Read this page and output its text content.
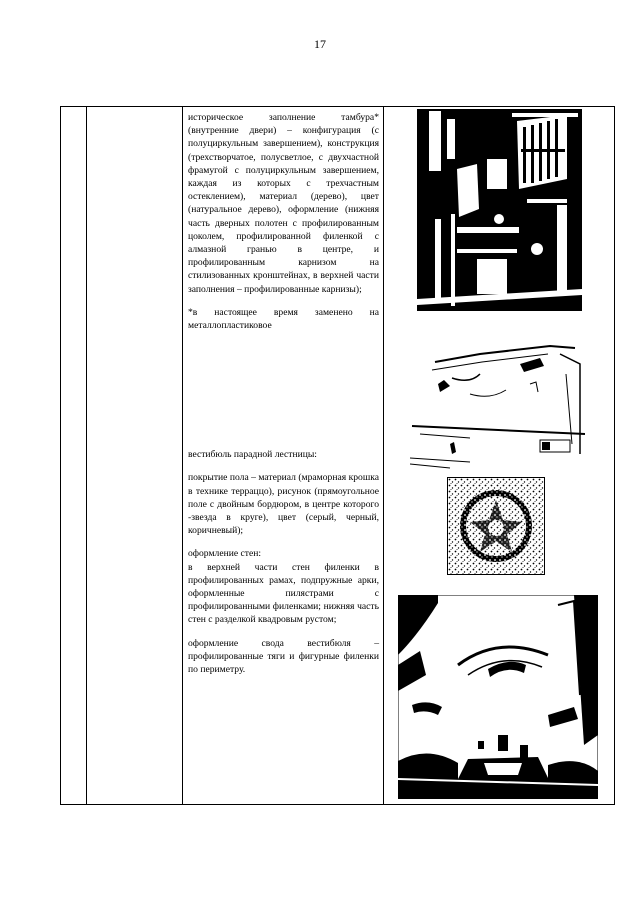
17

историческое заполнение тамбура* (внутренние двери) – конфигурация (с полуциркульным завершением), конструкция (трехстворчатое, полусветлое, с двухчастной фрамугой с полуциркульным завершением, каждая из которых с трехчастным остеклением), материал (дерево), цвет (натуральное дерево), оформление (нижняя часть дверных полотен с профилированным цоколем, профилированной филенкой с алмазной гранью в центре, и профилированным карнизом на стилизованных кронштейнах, в верхней части заполнения – профилированные карнизы);

*в настоящее время заменено на металлопластиковое

вестибюль парадной лестницы:

покрытие пола – материал (мраморная крошка в технике терраццо), рисунок (прямоугольное поле с двойным бордюром, в центре которого -звезда в круге), цвет (серый, черный, коричневый);

оформление стен:

в верхней части стен филенки в профилированных рамах, подпружные арки, оформленные пилястрами с профилированными филенками; нижняя часть стен с разделкой квадровым рустом;

оформление свода вестибюля – профилированные тяги и фигурные филенки по периметру.
